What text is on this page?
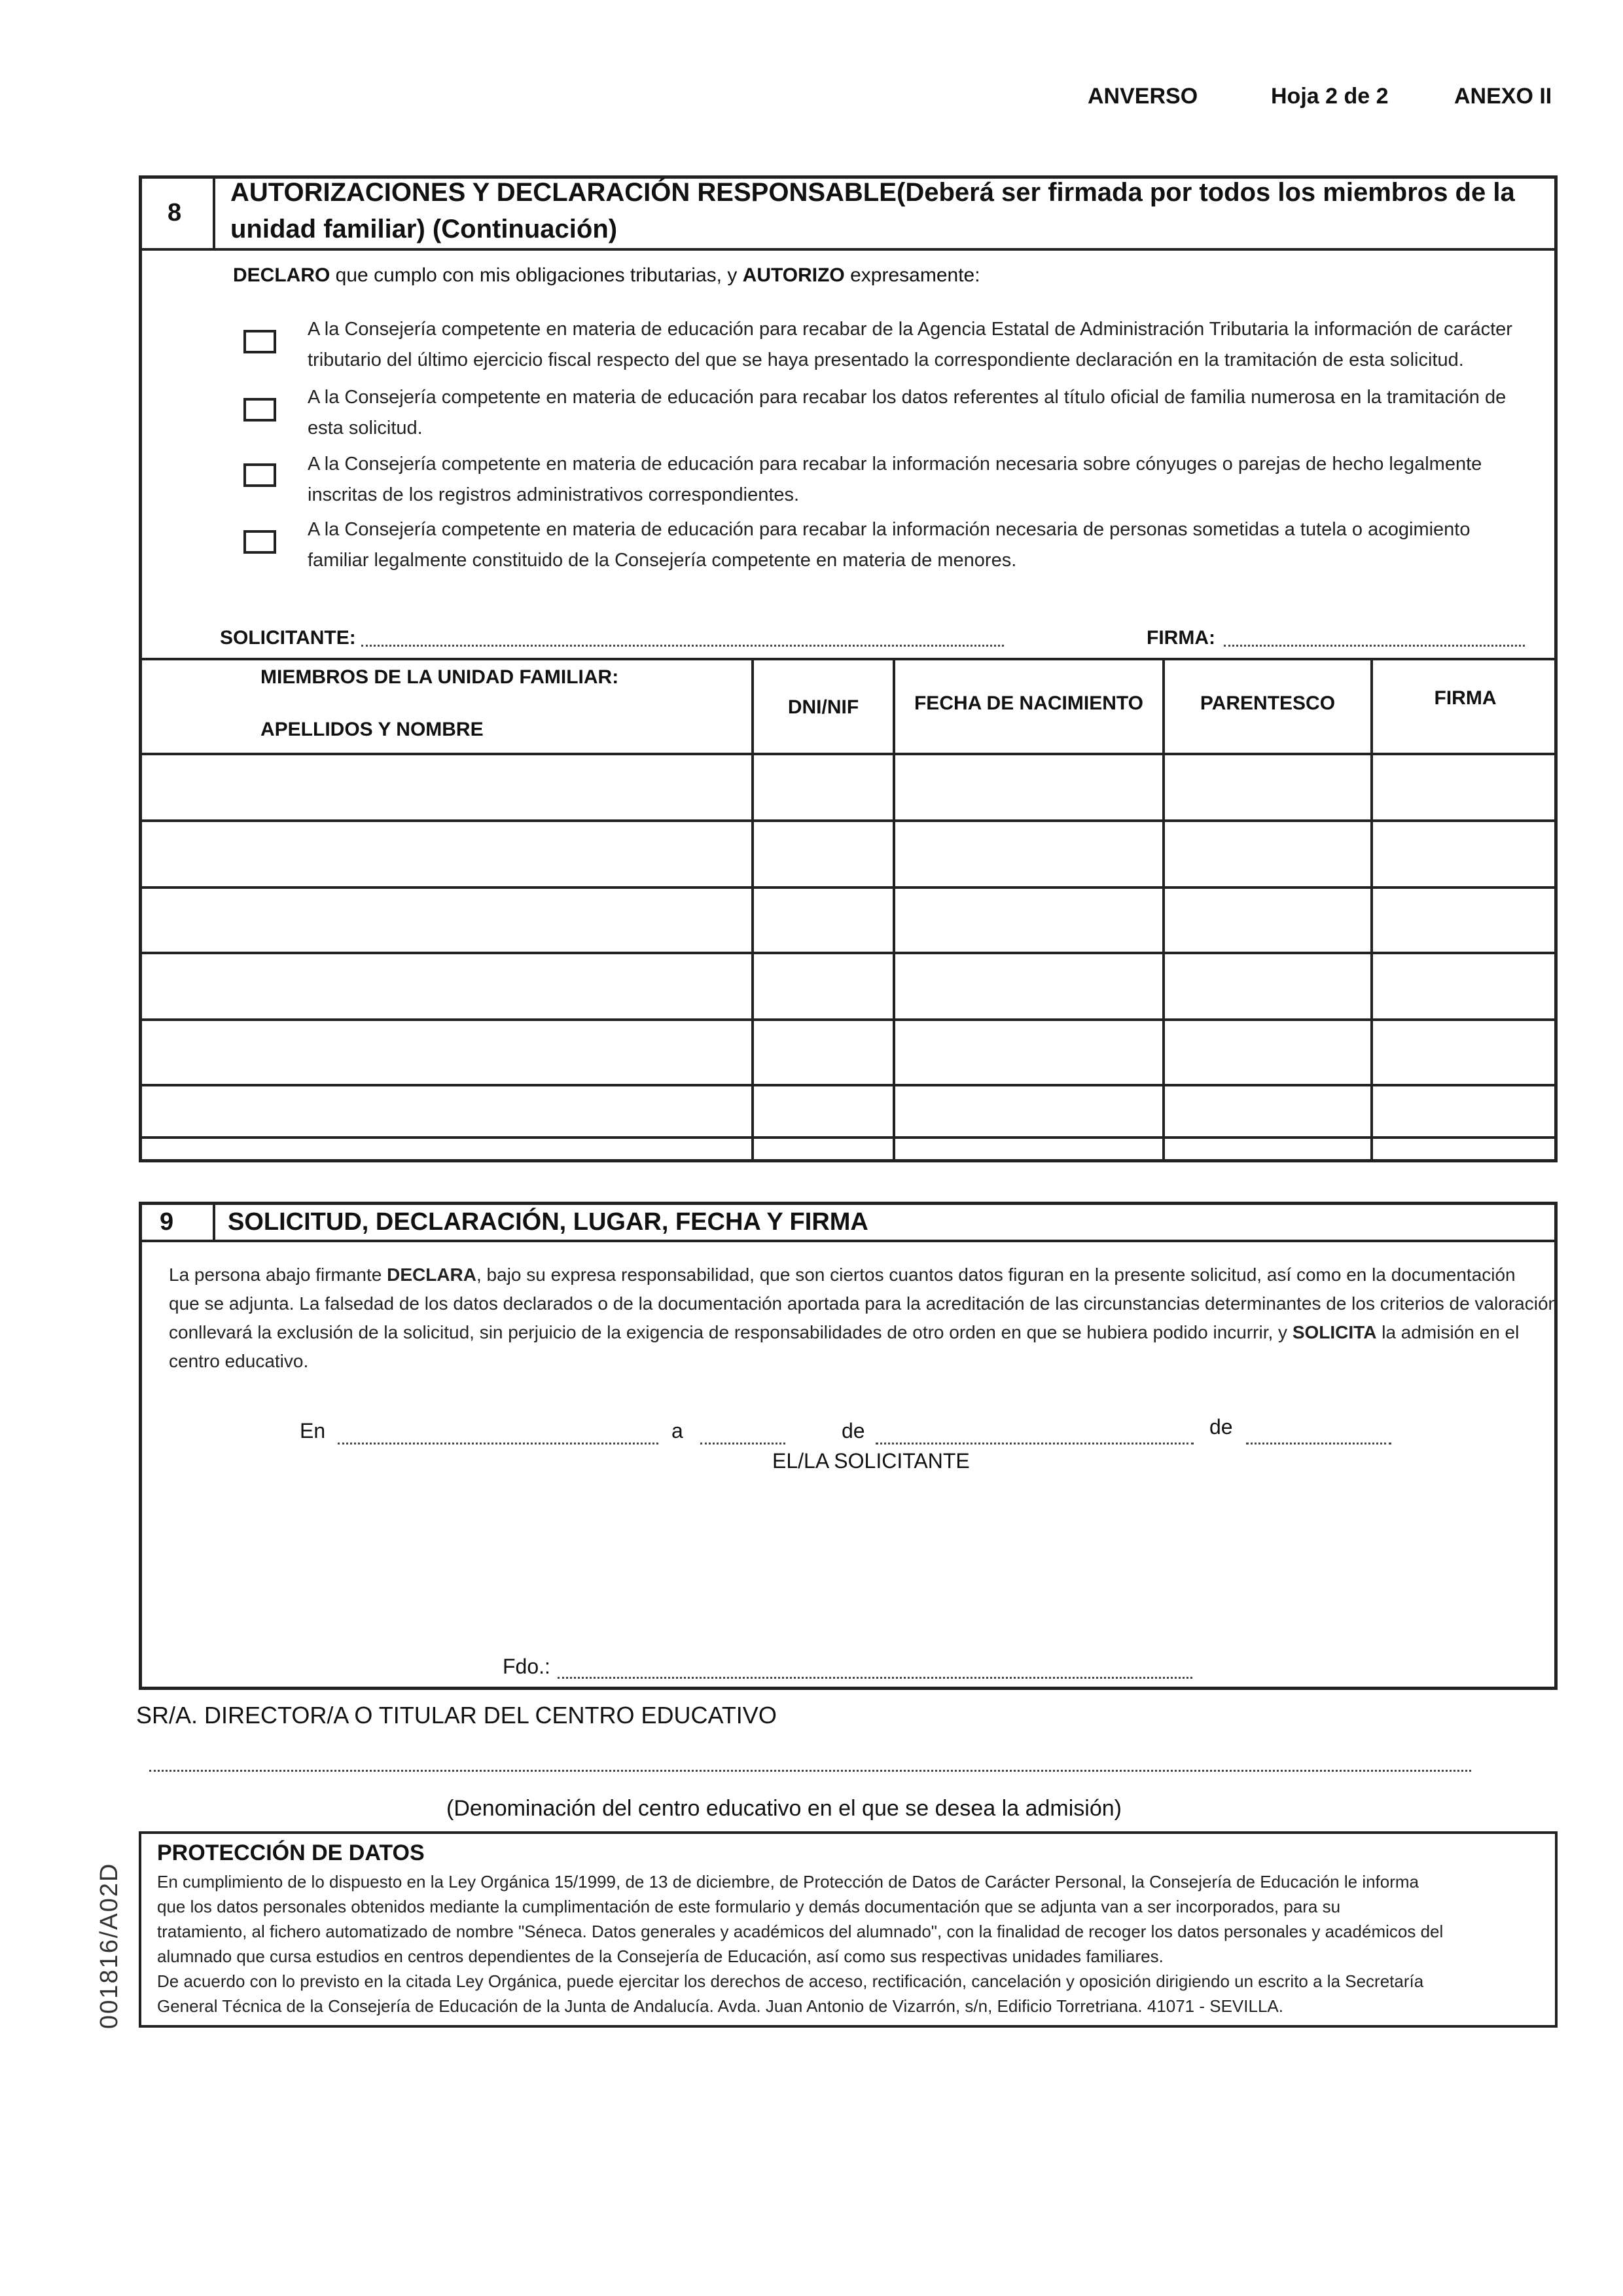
ANVERSO	Hoja 2 de 2	ANEXO II
8
AUTORIZACIONES Y DECLARACIÓN RESPONSABLE (Deberá ser firmada por todos los miembros de la
unidad familiar) (Continuación)
DECLARO que cumplo con mis obligaciones tributarias, y AUTORIZO expresamente:
A la Consejería competente en materia de educación para recabar de la Agencia Estatal de Administración Tributaria la información de carácter
tributario del último ejercicio fiscal respecto del que se haya presentado la correspondiente declaración en la tramitación de esta solicitud.
A la Consejería competente en materia de educación para recabar los datos referentes al título oficial de familia numerosa en la tramitación de
esta solicitud.
A la Consejería competente en materia de educación para recabar la información necesaria sobre cónyuges o parejas de hecho legalmente
inscritas de los registros administrativos correspondientes.
A la Consejería competente en materia de educación para recabar la información necesaria de personas sometidas a tutela o acogimiento
familiar legalmente constituido de la Consejería competente en materia de menores.
SOLICITANTE:	FIRMA:
MIEMBROS DE LA UNIDAD FAMILIAR:
APELLIDOS Y NOMBRE
DNI/NIF	FECHA DE NACIMIENTO	PARENTESCO	FIRMA
9 SOLICITUD, DECLARACIÓN, LUGAR, FECHA Y FIRMA
La persona abajo firmante DECLARA, bajo su expresa responsabilidad, que son ciertos cuantos datos figuran en la presente solicitud, así como en la documentación
que se adjunta. La falsedad de los datos declarados o de la documentación aportada para la acreditación de las circunstancias determinantes de los criterios de valoración
conllevará la exclusión de la solicitud, sin perjuicio de la exigencia de responsabilidades de otro orden en que se hubiera podido incurrir, y SOLICITA la admisión en el
centro educativo.
En	a	de	de
EL/LA SOLICITANTE
Fdo.:
SR/A. DIRECTOR/A O TITULAR DEL CENTRO EDUCATIVO
(Denominación del centro educativo en el que se desea la admisión)
PROTECCIÓN DE DATOS
En cumplimiento de lo dispuesto en la Ley Orgánica 15/1999, de 13 de diciembre, de Protección de Datos de Carácter Personal, la Consejería de Educación le informa
que los datos personales obtenidos mediante la cumplimentación de este formulario y demás documentación que se adjunta van a ser incorporados, para su
tratamiento, al fichero automatizado de nombre "Séneca. Datos generales y académicos del alumnado", con la finalidad de recoger los datos personales y académicos del
alumnado que cursa estudios en centros dependientes de la Consejería de Educación, así como sus respectivas unidades familiares.
De acuerdo con lo previsto en la citada Ley Orgánica, puede ejercitar los derechos de acceso, rectificación, cancelación y oposición dirigiendo un escrito a la Secretaría
General Técnica de la Consejería de Educación de la Junta de Andalucía. Avda. Juan Antonio de Vizarrón, s/n, Edificio Torretriana. 41071 - SEVILLA.
001816/A02D
